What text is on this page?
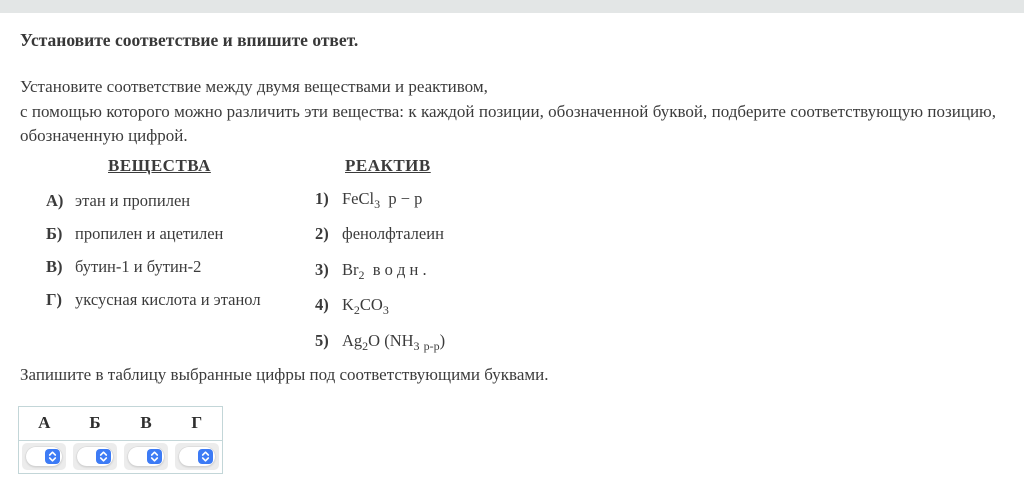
Установите соответствие и впишите ответ.

Установите соответствие между двумя веществами и реактивом,
с помощью которого можно различить эти вещества: к каждой позиции, обозначенной буквой, подберите соответствующую позицию, обозначенную цифрой.

ВЕЩЕСТВА	РЕАКТИВ
А) этан и пропилен
Б) пропилен и ацетилен
В) бутин-1 и бутин-2
Г) уксусная кислота и этанол
1) FeCl$_3$  р − р
2) фенолфталеин
3) $Br_2$  в о д н .
4) $K_2CO_3$
5) $Ag_2O$ ($NH_3$ $_{р-р}$)

Запишите в таблицу выбранные цифры под соответствующими буквами.

А	Б	В	Г
